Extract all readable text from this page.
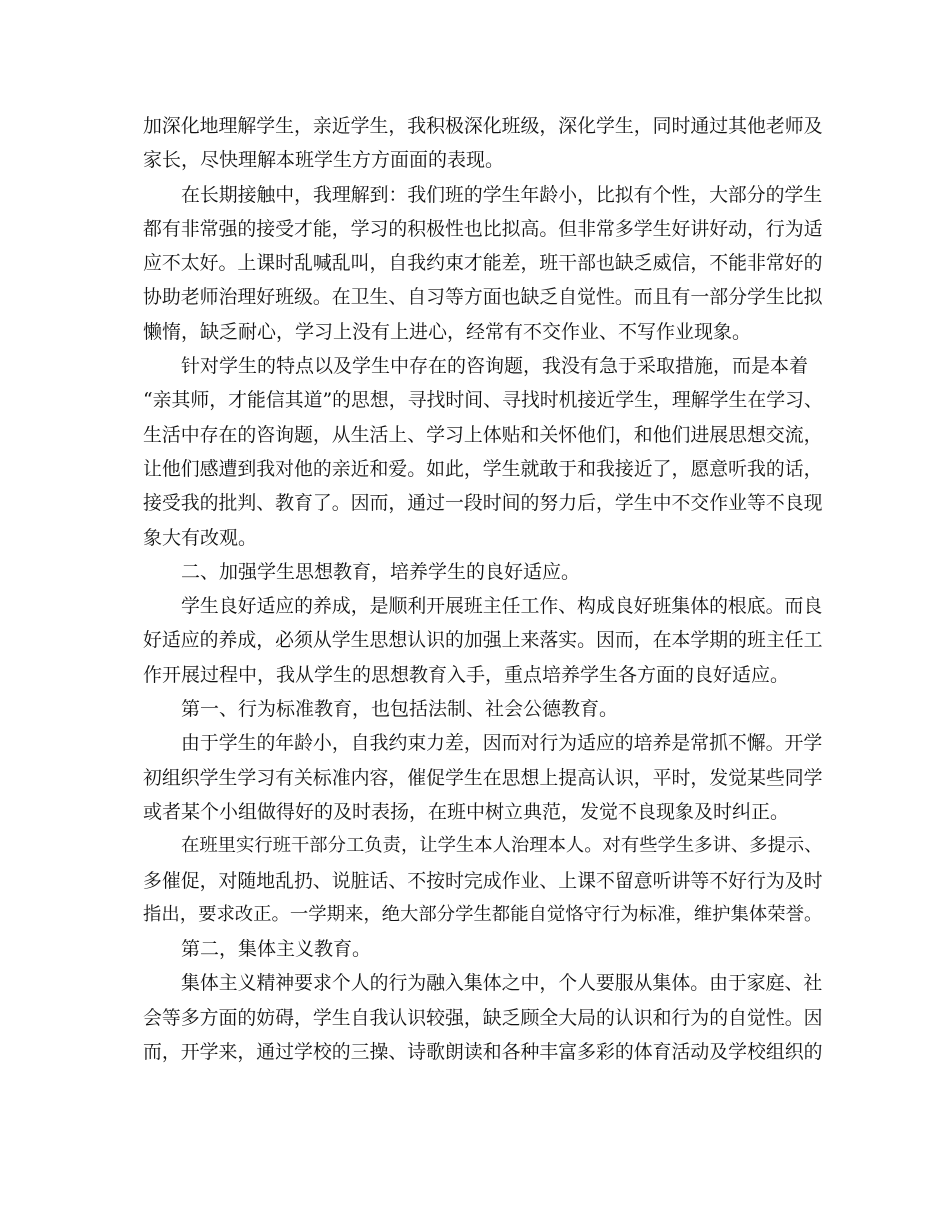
加深化地理解学生，亲近学生，我积极深化班级，深化学生，同时通过其他老师及
家长，尽快理解本班学生方方面面的表现。
在长期接触中，我理解到：我们班的学生年龄小，比拟有个性，大部分的学生
都有非常强的接受才能，学习的积极性也比拟高。但非常多学生好讲好动，行为适
应不太好。上课时乱喊乱叫，自我约束才能差，班干部也缺乏威信，不能非常好的
协助老师治理好班级。在卫生、自习等方面也缺乏自觉性。而且有一部分学生比拟
懒惰，缺乏耐心，学习上没有上进心，经常有不交作业、不写作业现象。
针对学生的特点以及学生中存在的咨询题，我没有急于采取措施，而是本着
“亲其师，才能信其道”的思想，寻找时间、寻找时机接近学生，理解学生在学习、
生活中存在的咨询题，从生活上、学习上体贴和关怀他们，和他们进展思想交流，
让他们感遭到我对他的亲近和爱。如此，学生就敢于和我接近了，愿意听我的话，
接受我的批判、教育了。因而，通过一段时间的努力后，学生中不交作业等不良现
象大有改观。
二、加强学生思想教育，培养学生的良好适应。
学生良好适应的养成，是顺利开展班主任工作、构成良好班集体的根底。而良
好适应的养成，必须从学生思想认识的加强上来落实。因而，在本学期的班主任工
作开展过程中，我从学生的思想教育入手，重点培养学生各方面的良好适应。
第一、行为标准教育，也包括法制、社会公德教育。
由于学生的年龄小，自我约束力差，因而对行为适应的培养是常抓不懈。开学
初组织学生学习有关标准内容，催促学生在思想上提高认识，平时，发觉某些同学
或者某个小组做得好的及时表扬，在班中树立典范，发觉不良现象及时纠正。
在班里实行班干部分工负责，让学生本人治理本人。对有些学生多讲、多提示、
多催促，对随地乱扔、说脏话、不按时完成作业、上课不留意听讲等不好行为及时
指出，要求改正。一学期来，绝大部分学生都能自觉恪守行为标准，维护集体荣誉。
第二，集体主义教育。
集体主义精神要求个人的行为融入集体之中，个人要服从集体。由于家庭、社
会等多方面的妨碍，学生自我认识较强，缺乏顾全大局的认识和行为的自觉性。因
而，开学来，通过学校的三操、诗歌朗读和各种丰富多彩的体育活动及学校组织的
